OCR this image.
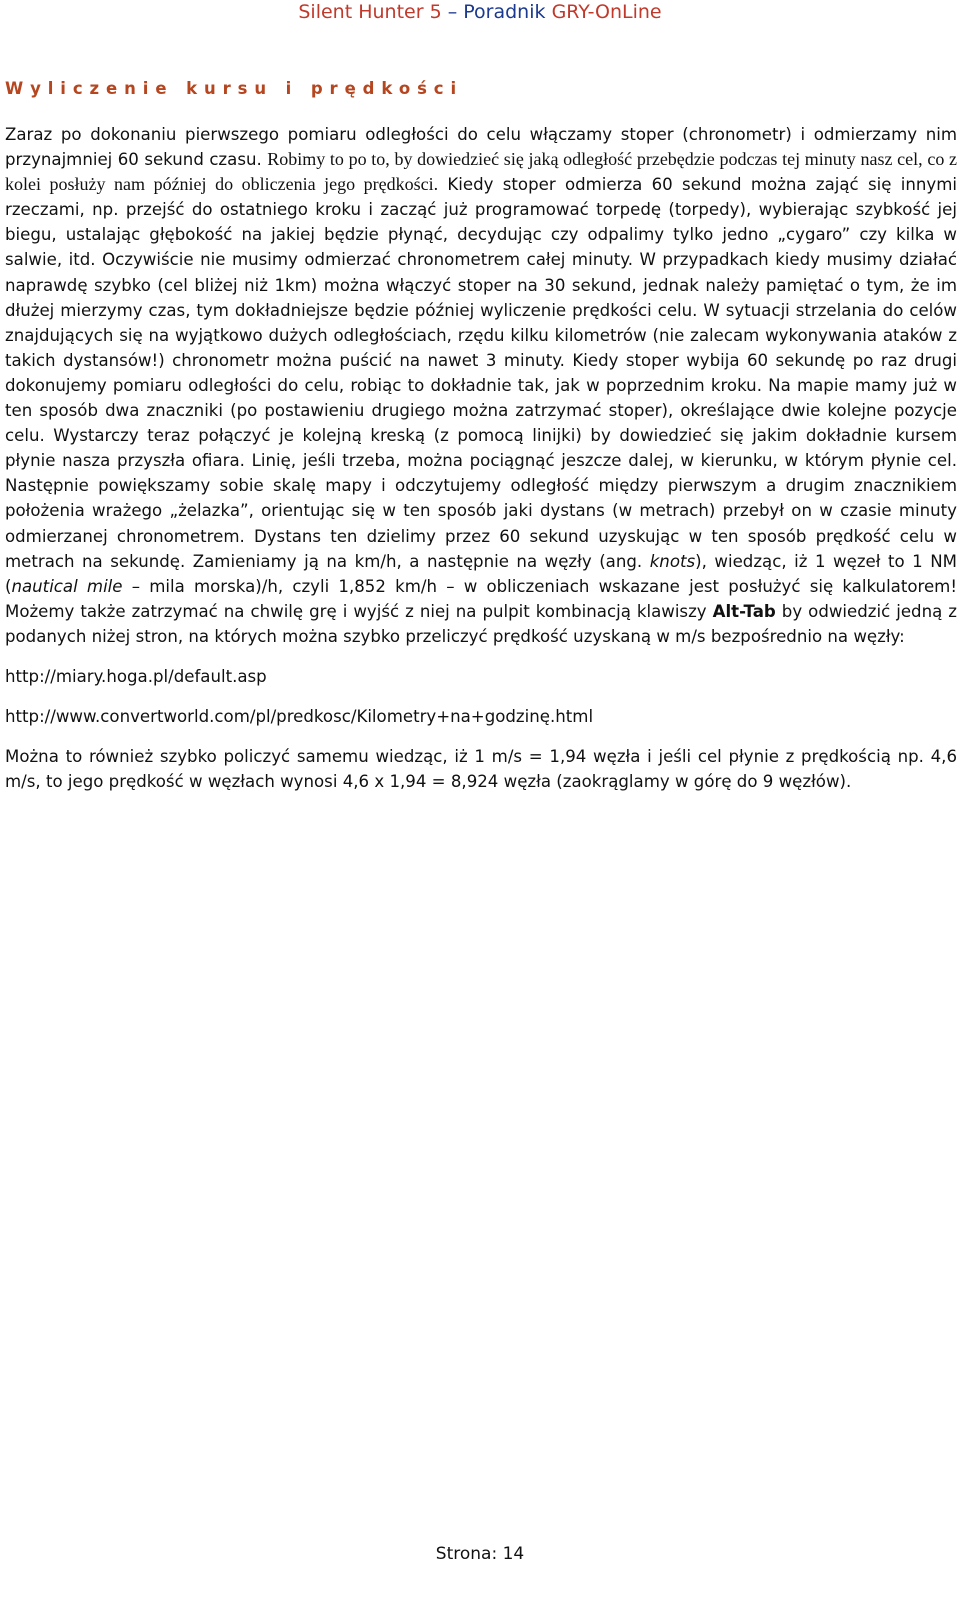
Silent Hunter 5 – Poradnik GRY-OnLine
Wyliczenie kursu i prędkości

Zaraz po dokonaniu pierwszego pomiaru odległości do celu włączamy stoper (chronometr) i odmierzamy nim przynajmniej 60 sekund czasu. Robimy to po to, by dowiedzieć się jaką odległość przebędzie podczas tej minuty nasz cel, co z kolei posłuży nam później do obliczenia jego prędkości. Kiedy stoper odmierza 60 sekund można zająć się innymi rzeczami, np. przejść do ostatniego kroku i zacząć już programować torpedę (torpedy), wybierając szybkość jej biegu, ustalając głębokość na jakiej będzie płynąć, decydując czy odpalimy tylko jedno „cygaro” czy kilka w salwie, itd. Oczywiście nie musimy odmierzać chronometrem całej minuty. W przypadkach kiedy musimy działać naprawdę szybko (cel bliżej niż 1km) można włączyć stoper na 30 sekund, jednak należy pamiętać o tym, że im dłużej mierzymy czas, tym dokładniejsze będzie później wyliczenie prędkości celu. W sytuacji strzelania do celów znajdujących się na wyjątkowo dużych odległościach, rzędu kilku kilometrów (nie zalecam wykonywania ataków z takich dystansów!) chronometr można puścić na nawet 3 minuty. Kiedy stoper wybija 60 sekundę po raz drugi dokonujemy pomiaru odległości do celu, robiąc to dokładnie tak, jak w poprzednim kroku. Na mapie mamy już w ten sposób dwa znaczniki (po postawieniu drugiego można zatrzymać stoper), określające dwie kolejne pozycje celu. Wystarczy teraz połączyć je kolejną kreską (z pomocą linijki) by dowiedzieć się jakim dokładnie kursem płynie nasza przyszła ofiara. Linię, jeśli trzeba, można pociągnąć jeszcze dalej, w kierunku, w którym płynie cel. Następnie powiększamy sobie skalę mapy i odczytujemy odległość między pierwszym a drugim znacznikiem położenia wrażego „żelazka”, orientując się w ten sposób jaki dystans (w metrach) przebył on w czasie minuty odmierzanej chronometrem. Dystans ten dzielimy przez 60 sekund uzyskując w ten sposób prędkość celu w metrach na sekundę. Zamieniamy ją na km/h, a następnie na węzły (ang. knots), wiedząc, iż 1 węzeł to 1 NM (nautical mile – mila morska)/h, czyli 1,852 km/h – w obliczeniach wskazane jest posłużyć się kalkulatorem! Możemy także zatrzymać na chwilę grę i wyjść z niej na pulpit kombinacją klawiszy Alt-Tab by odwiedzić jedną z podanych niżej stron, na których można szybko przeliczyć prędkość uzyskaną w m/s bezpośrednio na węzły:

http://miary.hoga.pl/default.asp

http://www.convertworld.com/pl/predkosc/Kilometry+na+godzinę.html

Można to również szybko policzyć samemu wiedząc, iż 1 m/s = 1,94 węzła i jeśli cel płynie z prędkością np. 4,6 m/s, to jego prędkość w węzłach wynosi 4,6 x 1,94 = 8,924 węzła (zaokrąglamy w górę do 9 węzłów).

Strona: 14
